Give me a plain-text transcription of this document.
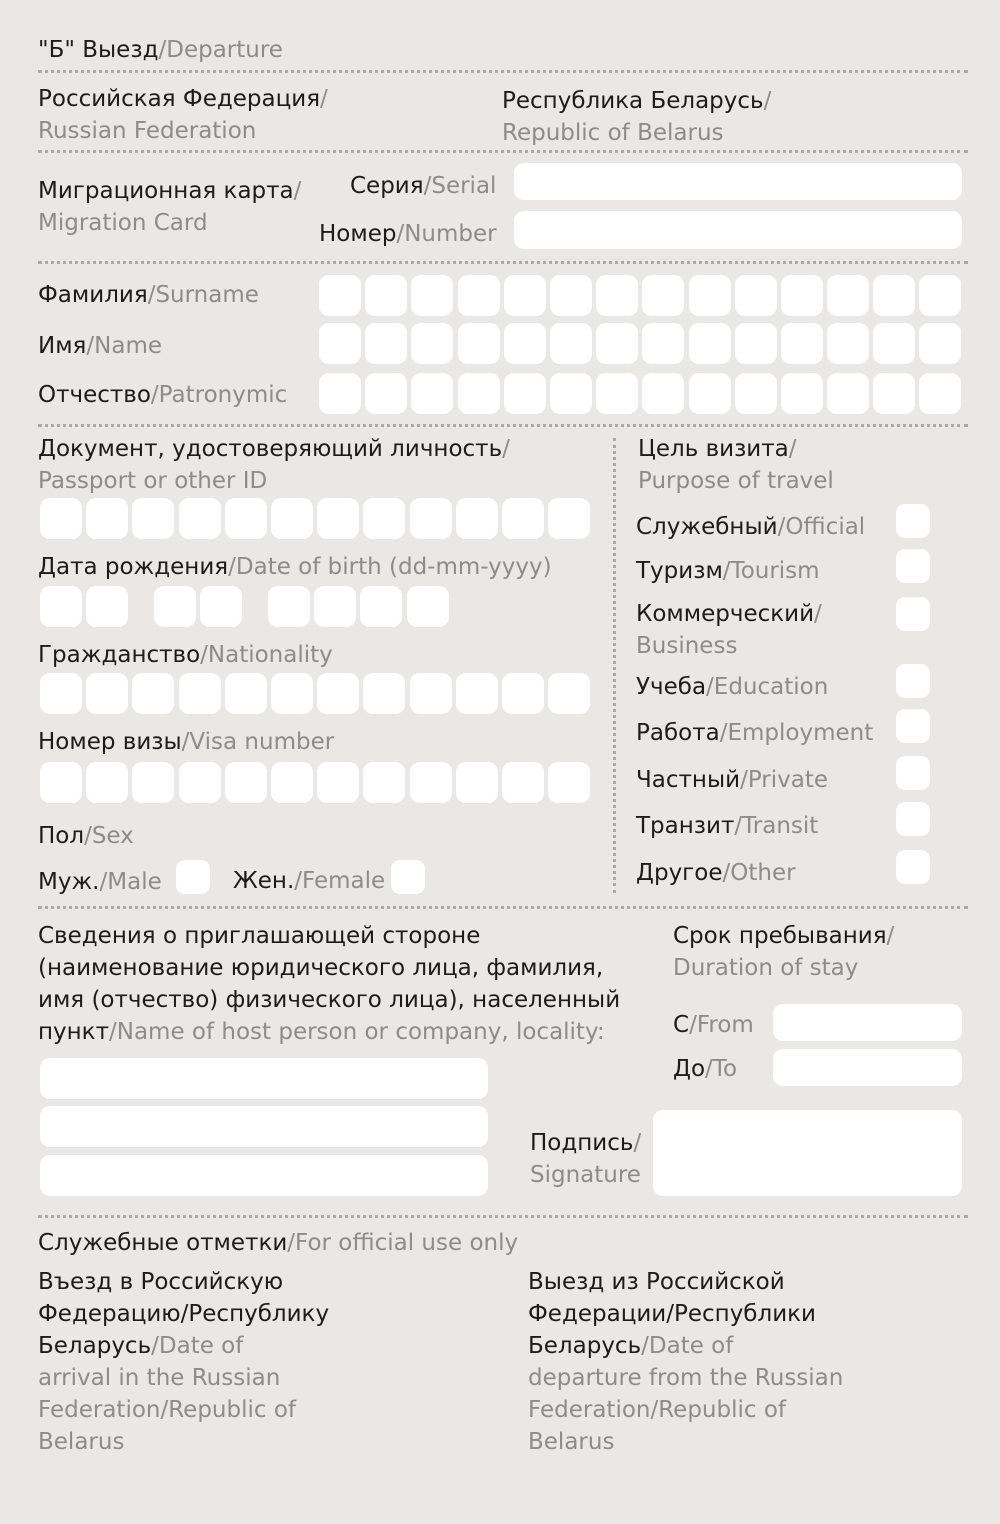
"Б" Выезд/Departure
Российская Федерация/
Russian Federation
Республика Беларусь/
Republic of Belarus
Миграционная карта/
Migration Card
Серия/Serial
Номер/Number
Фамилия/Surname
Имя/Name
Отчество/Patronymic
Документ, удостоверяющий личность/
Passport or other ID
Дата рождения/Date of birth (dd-mm-yyyy)
Гражданство/Nationality
Номер визы/Visa number
Пол/Sex
Муж./Male	Жен./Female
Цель визита/
Purpose of travel
Служебный/Official
Туризм/Tourism
Коммерческий/
Business
Учеба/Education
Работа/Employment
Частный/Private
Транзит/Transit
Другое/Other
Сведения о приглашающей стороне
(наименование юридического лица, фамилия,
имя (отчество) физического лица), населенный
пункт/Name of host person or company, locality:
Срок пребывания/
Duration of stay
С/From
До/To
Подпись/
Signature
Служебные отметки/For official use only
Въезд в Российскую
Федерацию/Республику
Беларусь/Date of
arrival in the Russian
Federation/Republic of
Belarus
Выезд из Российской
Федерации/Республики
Беларусь/Date of
departure from the Russian
Federation/Republic of
Belarus
